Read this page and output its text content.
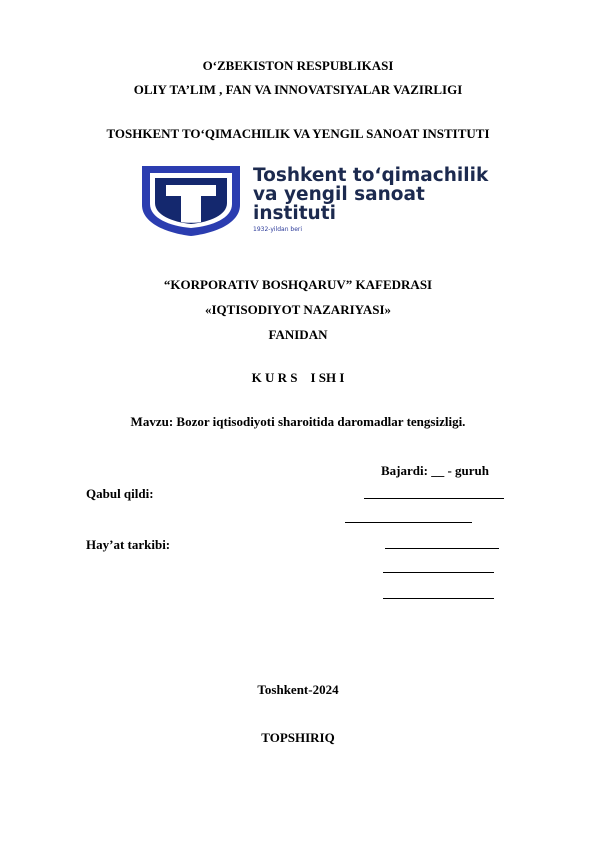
O‘ZBEKISTON RESPUBLIKASI
OLIY TA’LIM , FAN VA INNOVATSIYALAR VAZIRLIGI
TOSHKENT TO‘QIMACHILIK VA YENGIL SANOAT INSTITUTI
Toshkent to‘qimachilik
va yengil sanoat
instituti
1932-yildan beri
“KORPORATIV BOSHQARUV” KAFEDRASI
«IQTISODIYOT NAZARIYASI»
FANIDAN
K U R S    I SH I
Mavzu: Bozor iqtisodiyoti sharoitida daromadlar tengsizligi.
Bajardi: __ - guruh
Qabul qildi:
Hay’at tarkibi:
Toshkent-2024
TOPSHIRIQ
